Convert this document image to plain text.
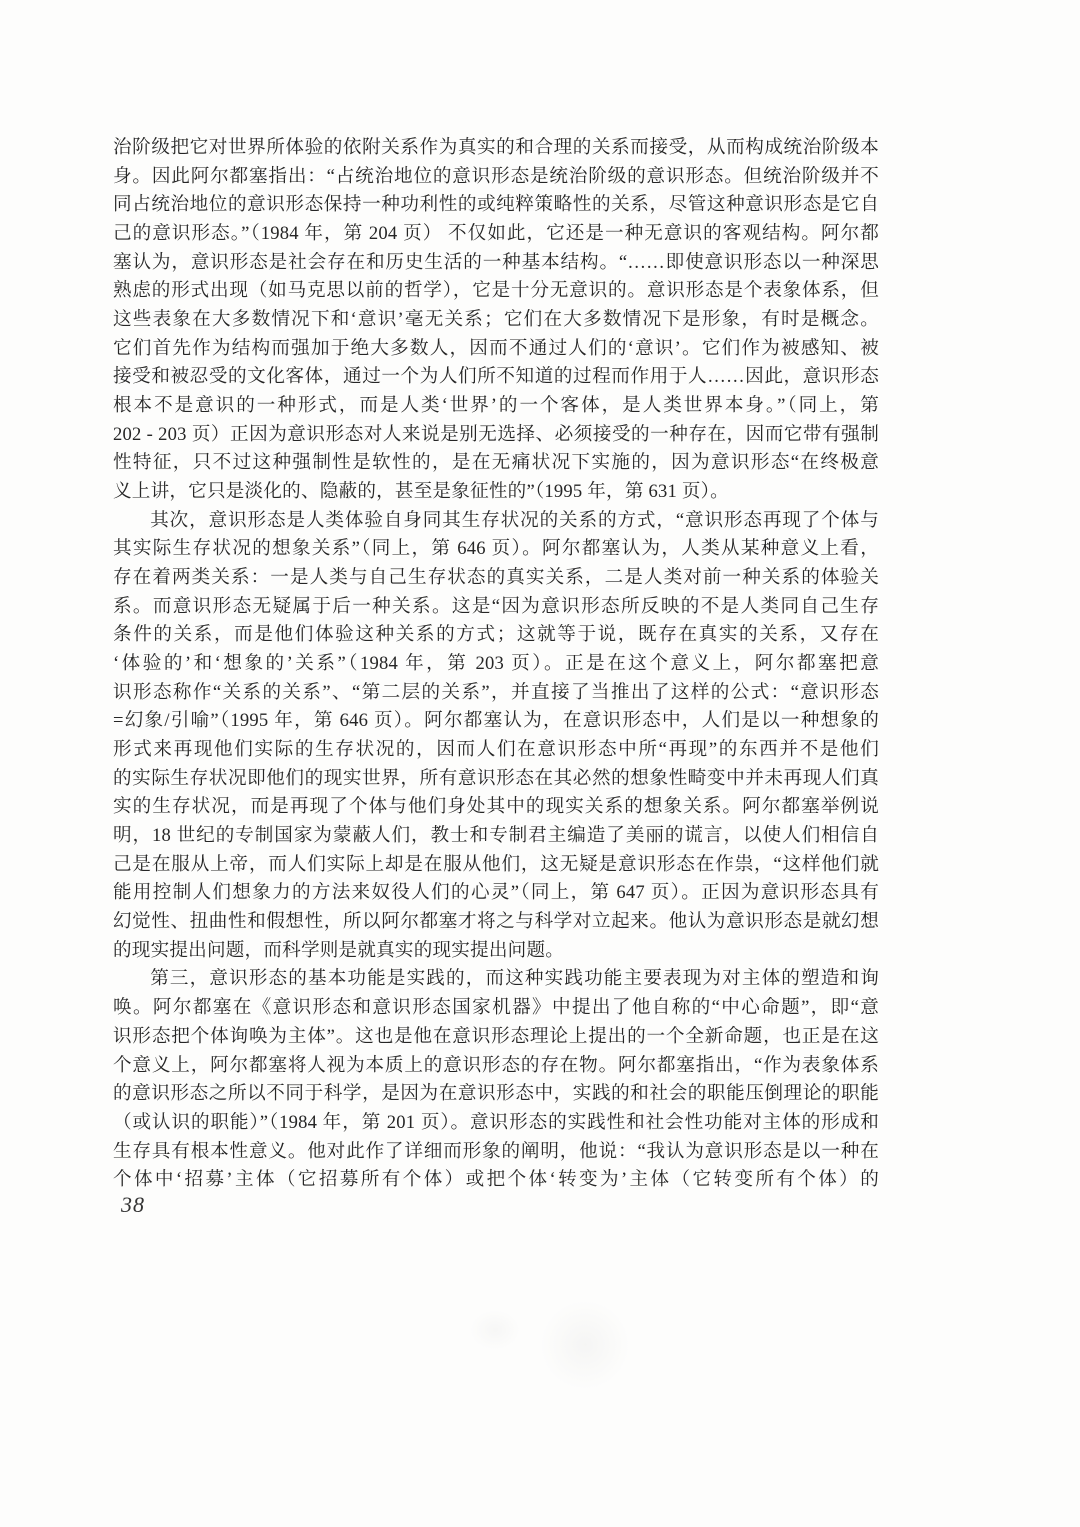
治阶级把它对世界所体验的依附关系作为真实的和合理的关系而接受，从而构成统治阶级本
身。因此阿尔都塞指出：“占统治地位的意识形态是统治阶级的意识形态。但统治阶级并不
同占统治地位的意识形态保持一种功利性的或纯粹策略性的关系，尽管这种意识形态是它自
己的意识形态。”（1984 年，第 204 页） 不仅如此，它还是一种无意识的客观结构。阿尔都
塞认为，意识形态是社会存在和历史生活的一种基本结构。“……即使意识形态以一种深思
熟虑的形式出现（如马克思以前的哲学），它是十分无意识的。意识形态是个表象体系，但
这些表象在大多数情况下和‘意识’毫无关系；它们在大多数情况下是形象，有时是概念。
它们首先作为结构而强加于绝大多数人，因而不通过人们的‘意识’。它们作为被感知、被
接受和被忍受的文化客体，通过一个为人们所不知道的过程而作用于人……因此，意识形态
根本不是意识的一种形式，而是人类‘世界’的一个客体，是人类世界本身。”（同上，第
202 - 203 页）正因为意识形态对人来说是别无选择、必须接受的一种存在，因而它带有强制
性特征，只不过这种强制性是软性的，是在无痛状况下实施的，因为意识形态“在终极意
义上讲，它只是淡化的、隐蔽的，甚至是象征性的”（1995 年，第 631 页）。
其次，意识形态是人类体验自身同其生存状况的关系的方式，“意识形态再现了个体与
其实际生存状况的想象关系”（同上，第 646 页）。阿尔都塞认为，人类从某种意义上看，
存在着两类关系：一是人类与自己生存状态的真实关系，二是人类对前一种关系的体验关
系。而意识形态无疑属于后一种关系。这是“因为意识形态所反映的不是人类同自己生存
条件的关系，而是他们体验这种关系的方式；这就等于说，既存在真实的关系，又存在
‘体验的’和‘想象的’关系”（1984 年，第 203 页）。正是在这个意义上，阿尔都塞把意
识形态称作“关系的关系”、“第二层的关系”，并直接了当推出了这样的公式：“意识形态
=幻象/引喻”（1995 年，第 646 页）。阿尔都塞认为，在意识形态中，人们是以一种想象的
形式来再现他们实际的生存状况的，因而人们在意识形态中所“再现”的东西并不是他们
的实际生存状况即他们的现实世界，所有意识形态在其必然的想象性畸变中并未再现人们真
实的生存状况，而是再现了个体与他们身处其中的现实关系的想象关系。阿尔都塞举例说
明，18 世纪的专制国家为蒙蔽人们，教士和专制君主编造了美丽的谎言，以使人们相信自
己是在服从上帝，而人们实际上却是在服从他们，这无疑是意识形态在作祟，“这样他们就
能用控制人们想象力的方法来奴役人们的心灵”（同上，第 647 页）。正因为意识形态具有
幻觉性、扭曲性和假想性，所以阿尔都塞才将之与科学对立起来。他认为意识形态是就幻想
的现实提出问题，而科学则是就真实的现实提出问题。
第三，意识形态的基本功能是实践的，而这种实践功能主要表现为对主体的塑造和询
唤。阿尔都塞在《意识形态和意识形态国家机器》中提出了他自称的“中心命题”，即“意
识形态把个体询唤为主体”。这也是他在意识形态理论上提出的一个全新命题，也正是在这
个意义上，阿尔都塞将人视为本质上的意识形态的存在物。阿尔都塞指出，“作为表象体系
的意识形态之所以不同于科学，是因为在意识形态中，实践的和社会的职能压倒理论的职能
（或认识的职能）”（1984 年，第 201 页）。意识形态的实践性和社会性功能对主体的形成和
生存具有根本性意义。他对此作了详细而形象的阐明，他说：“我认为意识形态是以一种在
个体中‘招募’主体（它招募所有个体）或把个体‘转变为’主体（它转变所有个体）的
38
